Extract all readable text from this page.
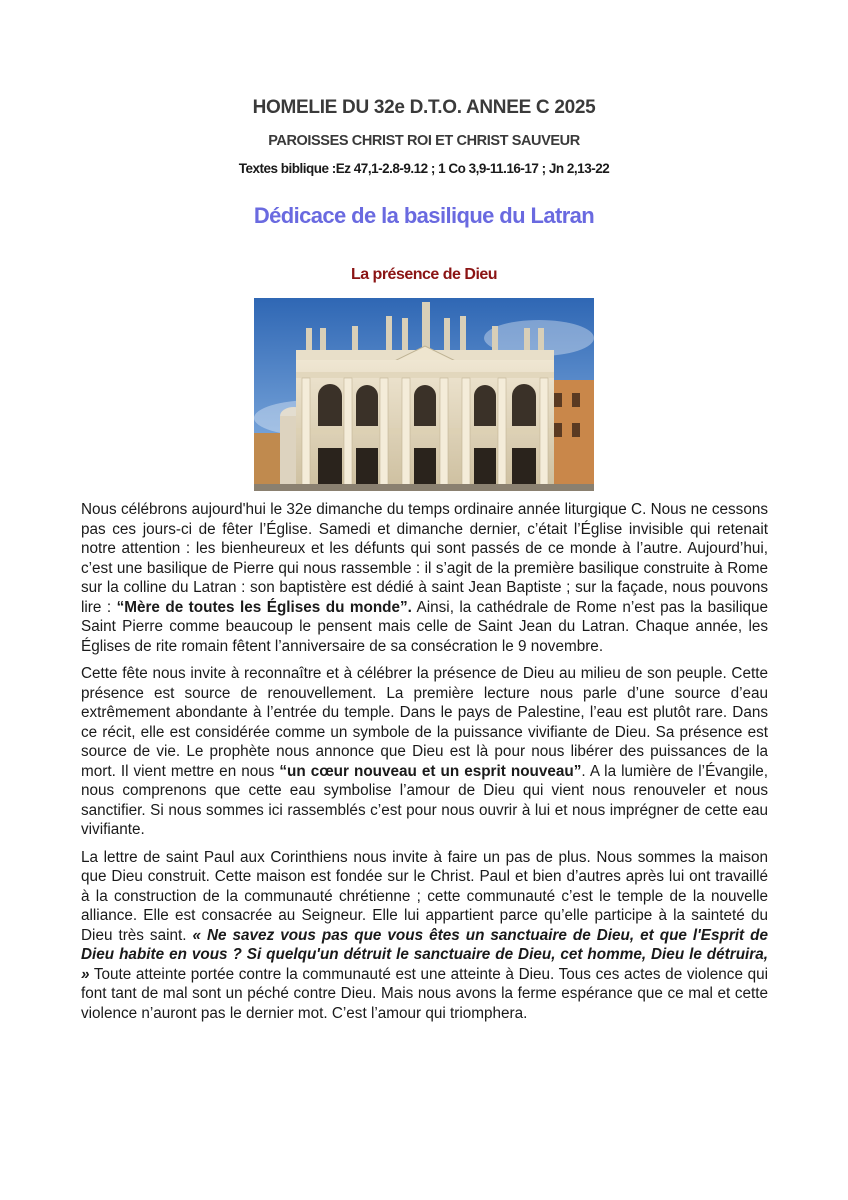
HOMELIE DU 32e D.T.O. ANNEE C 2025
PAROISSES CHRIST ROI ET CHRIST SAUVEUR
Textes biblique :Ez 47,1-2.8-9.12 ; 1 Co 3,9-11.16-17 ; Jn 2,13-22
Dédicace de la basilique du Latran
La présence de Dieu

Nous célébrons aujourd'hui le 32e dimanche du temps ordinaire année liturgique C. Nous ne cessons pas ces jours-ci de fêter l’Église. Samedi et dimanche dernier, c’était l’Église invisible qui retenait notre attention : les bienheureux et les défunts qui sont passés de ce monde à l’autre. Aujourd’hui, c’est une basilique de Pierre qui nous rassemble : il s’agit de la première basilique construite à Rome sur la colline du Latran : son baptistère est dédié à saint Jean Baptiste ; sur la façade, nous pouvons lire : “Mère de toutes les Églises du monde”. Ainsi, la cathédrale de Rome n’est pas la basilique Saint Pierre comme beaucoup le pensent mais celle de Saint Jean du Latran. Chaque année, les Églises de rite romain fêtent l’anniversaire de sa consécration le 9 novembre.

Cette fête nous invite à reconnaître et à célébrer la présence de Dieu au milieu de son peuple. Cette présence est source de renouvellement. La première lecture nous parle d’une source d’eau extrêmement abondante à l’entrée du temple. Dans le pays de Palestine, l’eau est plutôt rare. Dans ce récit, elle est considérée comme un symbole de la puissance vivifiante de Dieu. Sa présence est source de vie. Le prophète nous annonce que Dieu est là pour nous libérer des puissances de la mort. Il vient mettre en nous “un cœur nouveau et un esprit nouveau”. A la lumière de l’Évangile, nous comprenons que cette eau symbolise l’amour de Dieu qui vient nous renouveler et nous sanctifier. Si nous sommes ici rassemblés c’est pour nous ouvrir à lui et nous imprégner de cette eau vivifiante.

La lettre de saint Paul aux Corinthiens nous invite à faire un pas de plus. Nous sommes la maison que Dieu construit. Cette maison est fondée sur le Christ. Paul et bien d’autres après lui ont travaillé à la construction de la communauté chrétienne ; cette communauté c’est le temple de la nouvelle alliance. Elle est consacrée au Seigneur. Elle lui appartient parce qu’elle participe à la sainteté du Dieu très saint. « Ne savez vous pas que vous êtes un sanctuaire de Dieu, et que l'Esprit de Dieu habite en vous ? Si quelqu'un détruit le sanctuaire de Dieu, cet homme, Dieu le détruira, » Toute atteinte portée contre la communauté est une atteinte à Dieu. Tous ces actes de violence qui font tant de mal sont un péché contre Dieu. Mais nous avons la ferme espérance que ce mal et cette violence n’auront pas le dernier mot. C’est l’amour qui triomphera.
